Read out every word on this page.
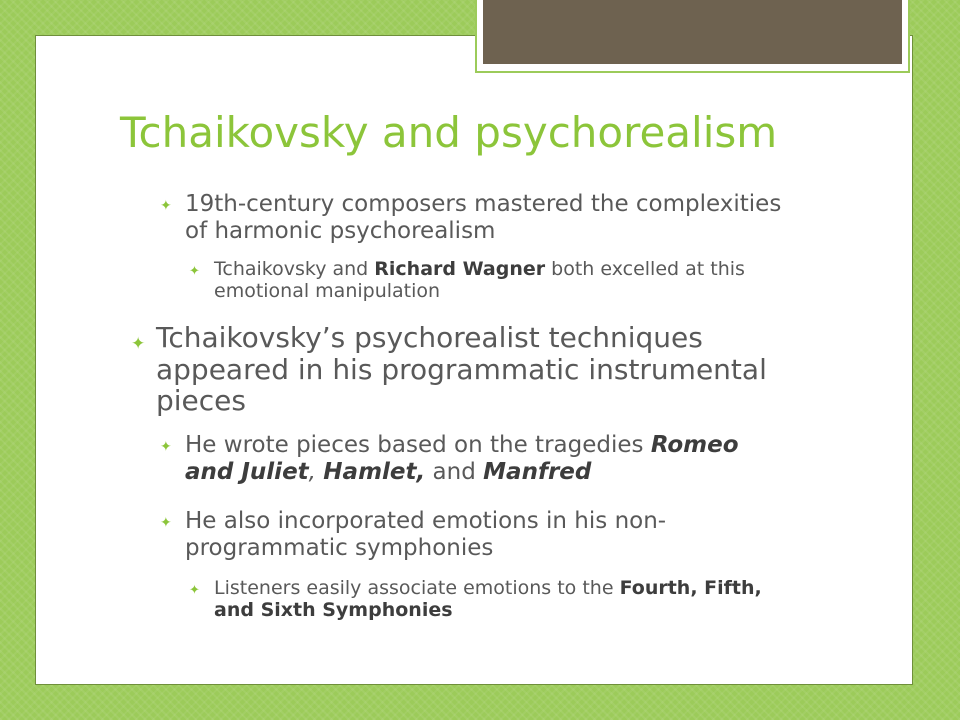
Tchaikovsky and psychorealism
✦ 19th-century composers mastered the complexities of harmonic psychorealism
✦ Tchaikovsky and Richard Wagner both excelled at this emotional manipulation
✦ Tchaikovsky’s psychorealist techniques appeared in his programmatic instrumental pieces
✦ He wrote pieces based on the tragedies Romeo and Juliet, Hamlet, and Manfred
✦ He also incorporated emotions in his non-programmatic symphonies
✦ Listeners easily associate emotions to the Fourth, Fifth, and Sixth Symphonies
